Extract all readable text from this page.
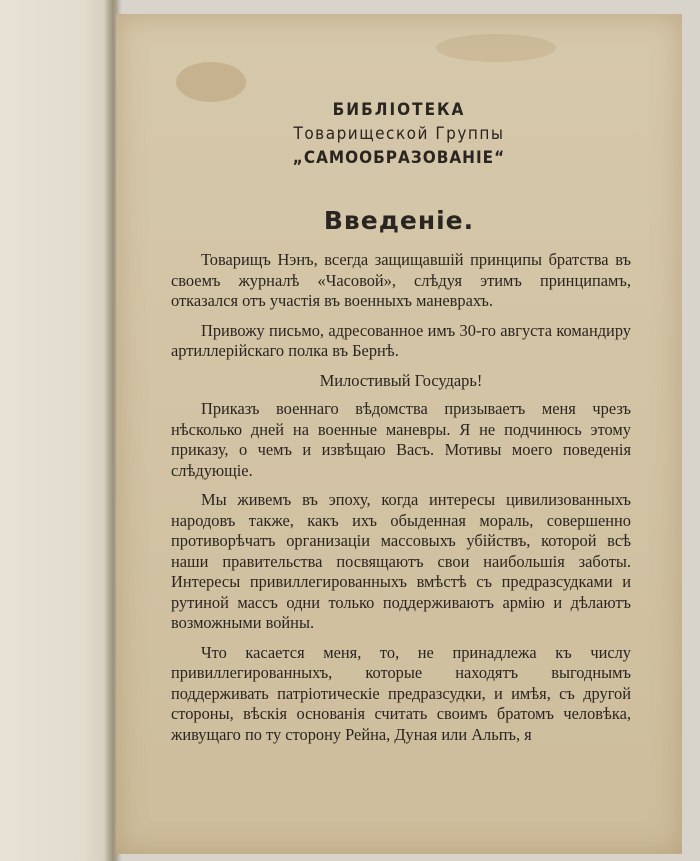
БИБЛІОТЕКА
Товарищеской Группы
„САМООБРАЗОВАНІЕ“
Введеніе.

Товарищъ Нэнъ, всегда защищавшій принципы братства въ своемъ журналѣ «Часовой», слѣдуя этимъ принципамъ, отказался отъ участія въ военныхъ маневрахъ.

Привожу письмо, адресованное имъ 30-го августа командиру артиллерійскаго полка въ Бернѣ.

Милостивый Государь!

Приказъ военнаго вѣдомства призываетъ меня чрезъ нѣсколько дней на военные маневры. Я не подчинюсь этому приказу, о чемъ и извѣщаю Васъ. Мотивы моего поведенія слѣдующіе.

Мы живемъ въ эпоху, когда интересы цивилизованныхъ народовъ также, какъ ихъ обыденная мораль, совершенно противорѣчатъ организаціи массовыхъ убійствъ, которой всѣ наши правительства посвящаютъ свои наибольшія заботы. Интересы привиллегированныхъ вмѣстѣ съ предразсудками и рутиной массъ одни только поддерживаютъ армію и дѣлаютъ возможными войны.

Что касается меня, то, не принадлежа къ числу привиллегированныхъ, которые находятъ выгоднымъ поддерживать патріотическіе предразсудки, и имѣя, съ другой стороны, вѣскія основанія считать своимъ братомъ человѣка, живущаго по ту сторону Рейна, Дуная или Альпъ, я
